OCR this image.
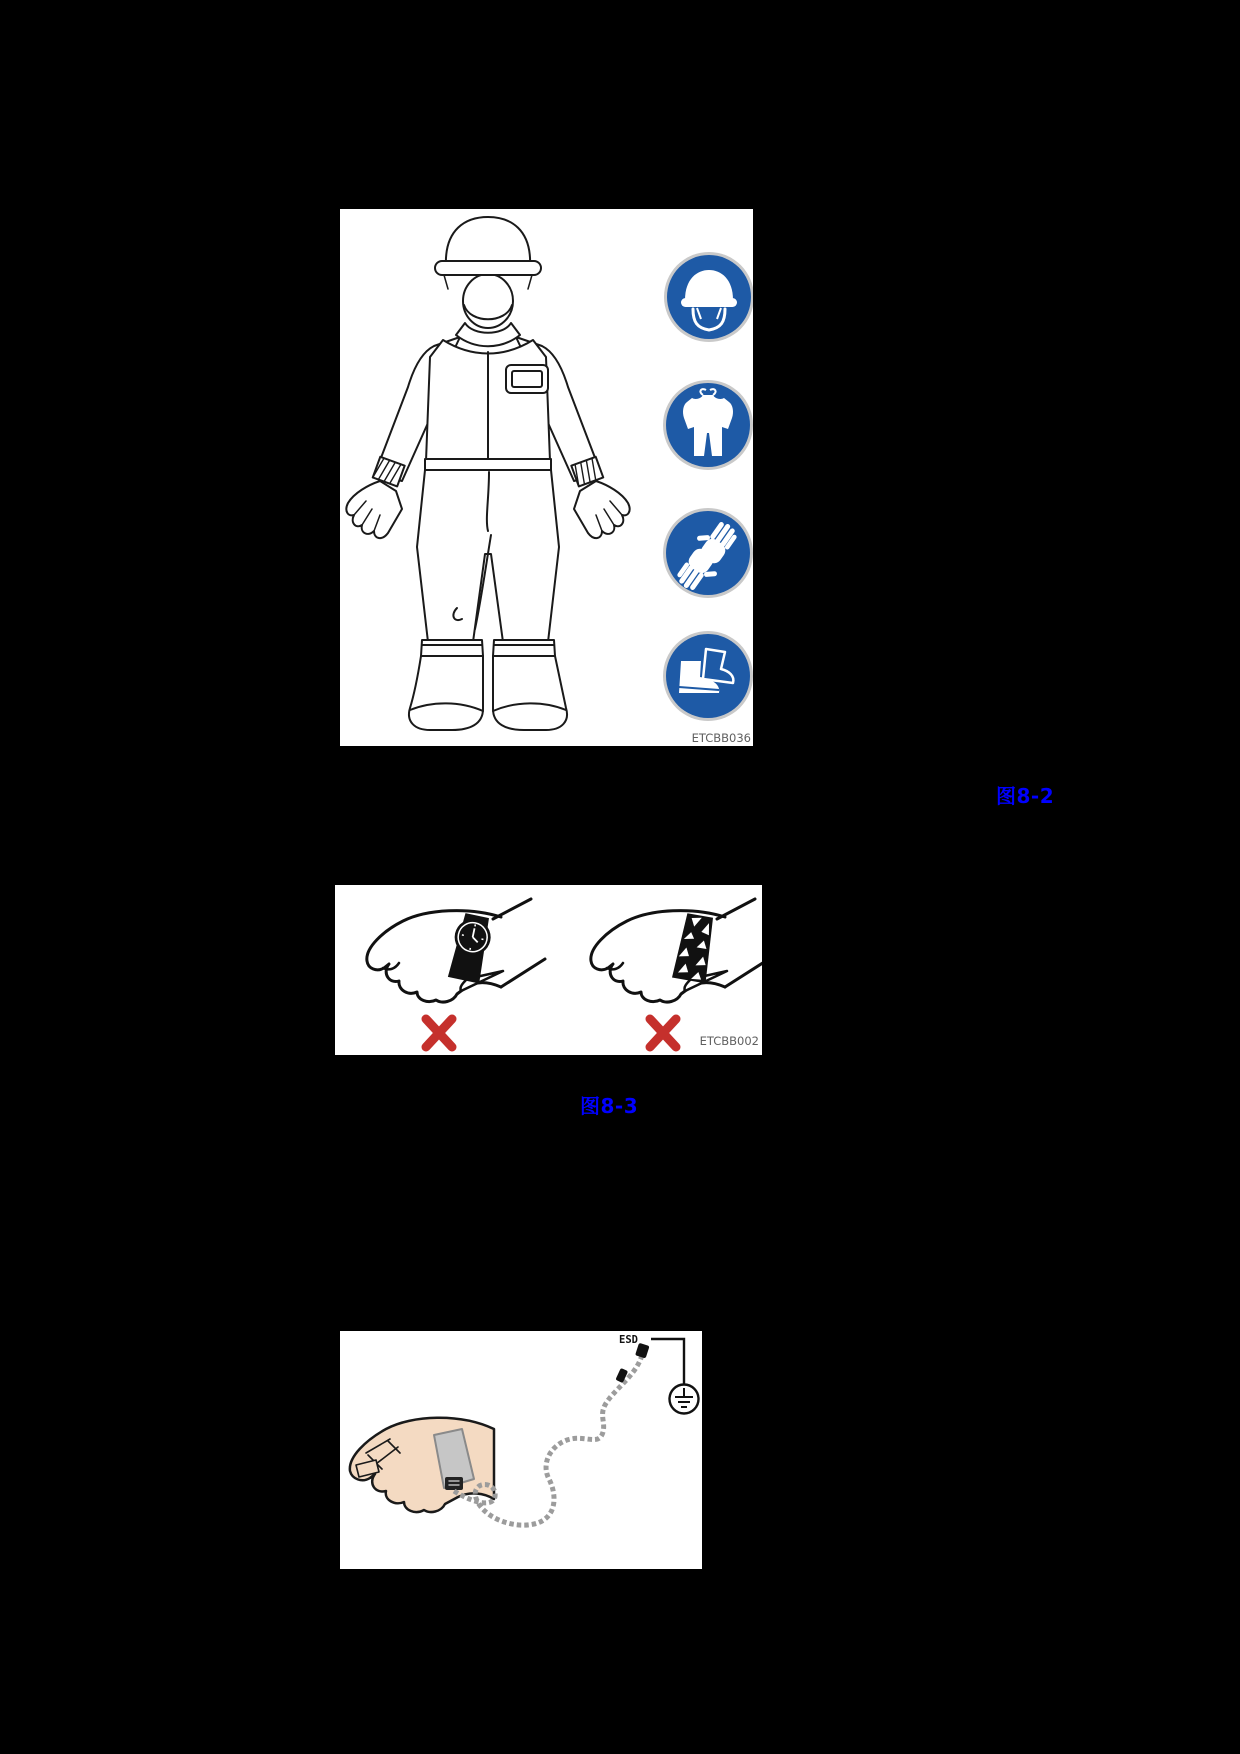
ETCBB036
图8-2
ETCBB002
图8-3
ESD
